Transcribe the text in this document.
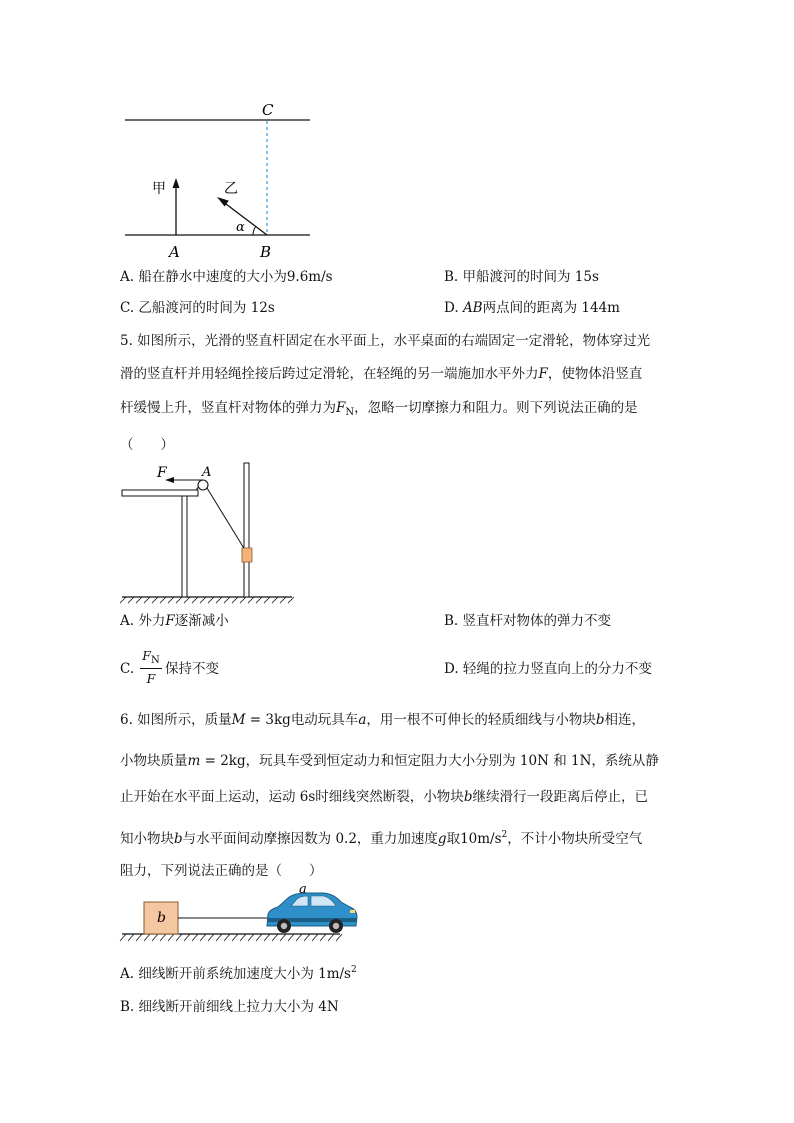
C
甲	乙
α
A	B
A. 船在静水中速度的大小为9.6m/s	B. 甲船渡河的时间为 15s
C. 乙船渡河的时间为 12s	D. AB两点间的距离为 144m
5. 如图所示，光滑的竖直杆固定在水平面上，水平桌面的右端固定一定滑轮，物体穿过光
滑的竖直杆并用轻绳拴接后跨过定滑轮，在轻绳的另一端施加水平外力F，使物体沿竖直
杆缓慢上升，竖直杆对物体的弹力为$F_N$，忽略一切摩擦力和阻力。则下列说法正确的是
（　　）
F	A
A. 外力F逐渐减小	B. 竖直杆对物体的弹力不变
C.
$F_N$
F
保持不变	D. 轻绳的拉力竖直向上的分力不变
6. 如图所示，质量M = 3kg电动玩具车a，用一根不可伸长的轻质细线与小物块b相连，
小物块质量m = 2kg，玩具车受到恒定动力和恒定阻力大小分别为 10N 和 1N，系统从静
止开始在水平面上运动，运动 6s时细线突然断裂，小物块b继续滑行一段距离后停止，已
知小物块b与水平面间动摩擦因数为 0.2，重力加速度g取$10m/s^2$，不计小物块所受空气
阻力，下列说法正确的是（　　）
b
a
A. 细线断开前系统加速度大小为 $1m/s^2$
B. 细线断开前细线上拉力大小为 4N
